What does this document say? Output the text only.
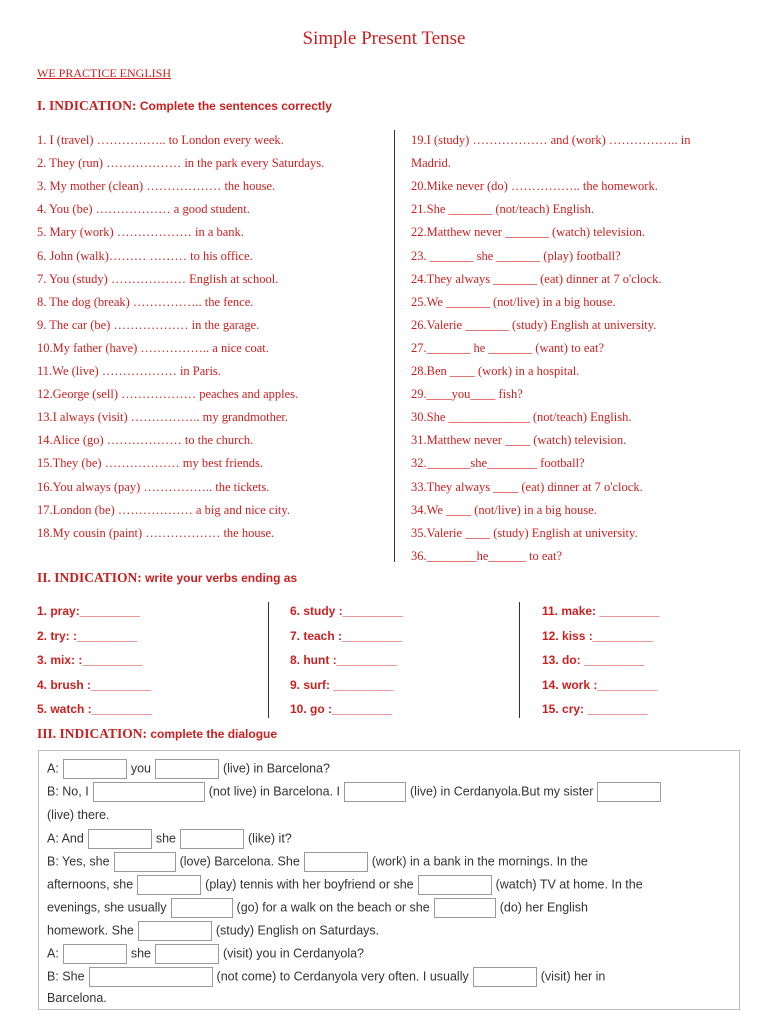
Simple Present Tense
WE PRACTICE ENGLISH
I. INDICATION: Complete the sentences correctly
1. I (travel) …………….. to London every week.
2. They (run) ……………… in the park every Saturdays.
3. My mother (clean) ……………… the house.
4. You (be) ……………… a good student.
5. Mary (work) ……………… in a bank.
6. John (walk)……… ……… to his office.
7. You (study) ……………… English at school.
8. The dog (break) …………….. the fence.
9. The car (be) ……………… in the garage.
10.My father (have) …………….. a nice coat.
11.We (live) ……………… in Paris.
12.George (sell) ……………… peaches and apples.
13.I always (visit) …………….. my grandmother.
14.Alice (go) ……………… to the church.
15.They (be) ……………… my best friends.
16.You always (pay) …………….. the tickets.
17.London (be) ……………… a big and nice city.
18.My cousin (paint) ……………… the house.
19.I (study) ……………… and (work) …………….. in
Madrid.
20.Mike never (do) …………….. the homework.
21.She _______ (not/teach) English.
22.Matthew never _______ (watch) television.
23. _______ she _______ (play) football?
24.They always _______ (eat) dinner at 7 o'clock.
25.We _______ (not/live) in a big house.
26.Valerie _______ (study) English at university.
27._______ he _______ (want) to eat?
28.Ben ____ (work) in a hospital.
29.____you____ fish?
30.She _____________ (not/teach) English.
31.Matthew never ____ (watch) television.
32._______she________ football?
33.They always ____ (eat) dinner at 7 o'clock.
34.We ____ (not/live) in a big house.
35.Valerie ____ (study) English at university.
36.________he______ to eat?
II. INDICATION: write your verbs ending as
1. pray:_________
2. try: :_________
3. mix: :_________
4. brush :_________
5. watch :_________
6. study :_________
7. teach :_________
8. hunt :_________
9. surf: _________
10. go :_________
11. make: _________
12. kiss :_________
13. do: _________
14. work :_________
15. cry: _________
III. INDICATION: complete the dialogue
A:	you	(live) in Barcelona?
B: No, I	(not live) in Barcelona. I	(live) in Cerdanyola.But my sister
(live) there.
A: And	she	(like) it?
B: Yes, she	(love) Barcelona. She	(work) in a bank in the mornings. In the
afternoons, she	(play) tennis with her boyfriend or she	(watch) TV at home. In the
evenings, she usually	(go) for a walk on the beach or she	(do) her English
homework. She	(study) English on Saturdays.
A:	she	(visit) you in Cerdanyola?
B: She	(not come) to Cerdanyola very often. I usually	(visit) her in
Barcelona.
